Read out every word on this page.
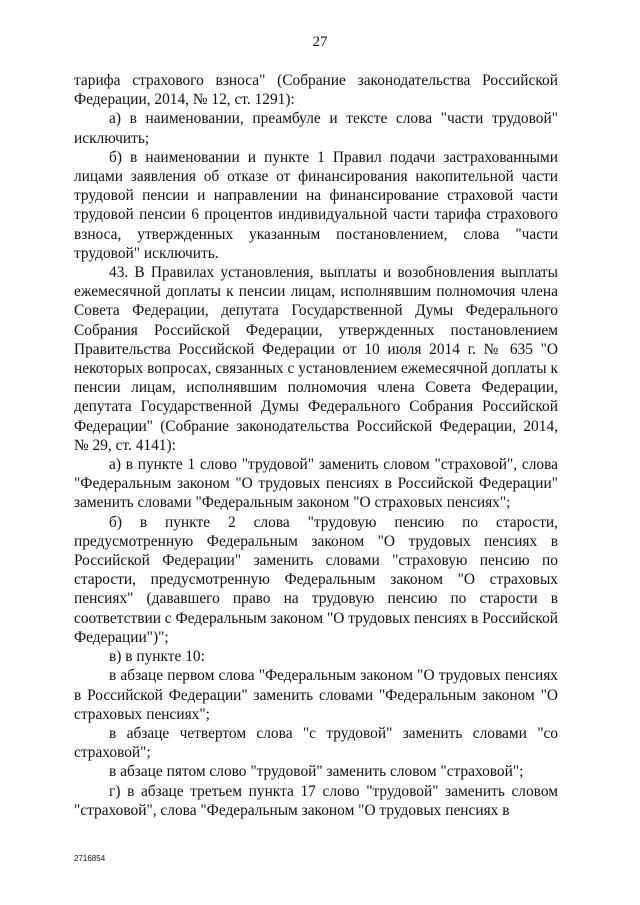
27

тарифа страхового взноса" (Собрание законодательства Российской Федерации, 2014, № 12, ст. 1291):

а) в наименовании, преамбуле и тексте слова "части трудовой" исключить;

б) в наименовании и пункте 1 Правил подачи застрахованными лицами заявления об отказе от финансирования накопительной части трудовой пенсии и направлении на финансирование страховой части трудовой пенсии 6 процентов индивидуальной части тарифа страхового взноса, утвержденных указанным постановлением, слова "части трудовой" исключить.

43. В Правилах установления, выплаты и возобновления выплаты ежемесячной доплаты к пенсии лицам, исполнявшим полномочия члена Совета Федерации, депутата Государственной Думы Федерального Собрания Российской Федерации, утвержденных постановлением Правительства Российской Федерации от 10 июля 2014 г. № 635 "О некоторых вопросах, связанных с установлением ежемесячной доплаты к пенсии лицам, исполнявшим полномочия члена Совета Федерации, депутата Государственной Думы Федерального Собрания Российской Федерации" (Собрание законодательства Российской Федерации, 2014, № 29, ст. 4141):

а) в пункте 1 слово "трудовой" заменить словом "страховой", слова "Федеральным законом "О трудовых пенсиях в Российской Федерации" заменить словами "Федеральным законом "О страховых пенсиях";

б) в пункте 2 слова "трудовую пенсию по старости, предусмотренную Федеральным законом "О трудовых пенсиях в Российской Федерации" заменить словами "страховую пенсию по старости, предусмотренную Федеральным законом "О страховых пенсиях" (дававшего право на трудовую пенсию по старости в соответствии с Федеральным законом "О трудовых пенсиях в Российской Федерации")";

в) в пункте 10:

в абзаце первом слова "Федеральным законом "О трудовых пенсиях в Российской Федерации" заменить словами "Федеральным законом "О страховых пенсиях";

в абзаце четвертом слова "с трудовой" заменить словами "со страховой";

в абзаце пятом слово "трудовой" заменить словом "страховой";

г) в абзаце третьем пункта 17 слово "трудовой" заменить словом "страховой", слова "Федеральным законом "О трудовых пенсиях в

2716854
